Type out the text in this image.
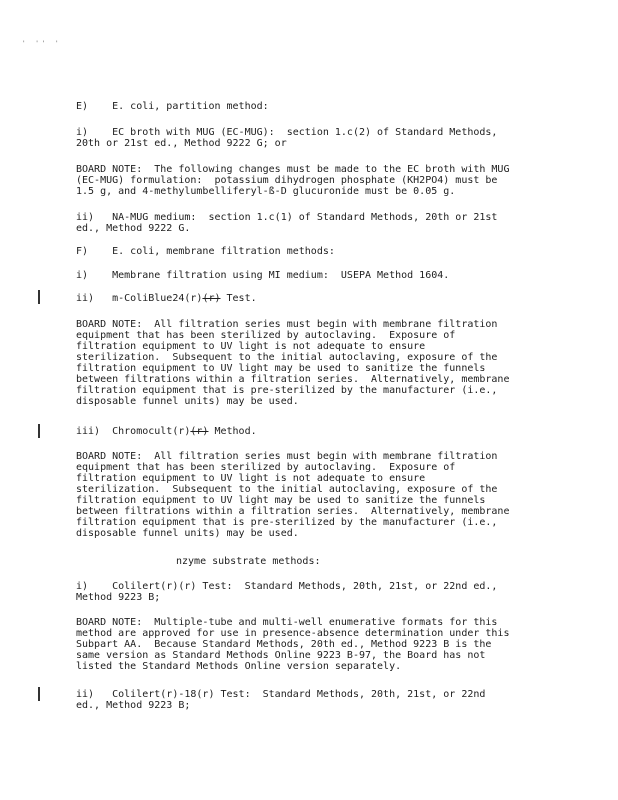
' '' '
E)    E. coli, partition method:
i)    EC broth with MUG (EC-MUG):  section 1.c(2) of Standard Methods,
20th or 21st ed., Method 9222 G; or
BOARD NOTE:  The following changes must be made to the EC broth with MUG
(EC-MUG) formulation:  potassium dihydrogen phosphate (KH2PO4) must be
1.5 g, and 4-methylumbelliferyl-ß-D glucuronide must be 0.05 g.
ii)   NA-MUG medium:  section 1.c(1) of Standard Methods, 20th or 21st
ed., Method 9222 G.
F)    E. coli, membrane filtration methods:
i)    Membrane filtration using MI medium:  USEPA Method 1604.
ii)   m-ColiBlue24(r)(r) Test.
BOARD NOTE:  All filtration series must begin with membrane filtration
equipment that has been sterilized by autoclaving.  Exposure of
filtration equipment to UV light is not adequate to ensure
sterilization.  Subsequent to the initial autoclaving, exposure of the
filtration equipment to UV light may be used to sanitize the funnels
between filtrations within a filtration series.  Alternatively, membrane
filtration equipment that is pre-sterilized by the manufacturer (i.e.,
disposable funnel units) may be used.
iii)  Chromocult(r)(r) Method.
BOARD NOTE:  All filtration series must begin with membrane filtration
equipment that has been sterilized by autoclaving.  Exposure of
filtration equipment to UV light is not adequate to ensure
sterilization.  Subsequent to the initial autoclaving, exposure of the
filtration equipment to UV light may be used to sanitize the funnels
between filtrations within a filtration series.  Alternatively, membrane
filtration equipment that is pre-sterilized by the manufacturer (i.e.,
disposable funnel units) may be used.
nzyme substrate methods:
i)    Colilert(r)(r) Test:  Standard Methods, 20th, 21st, or 22nd ed.,
Method 9223 B;
BOARD NOTE:  Multiple-tube and multi-well enumerative formats for this
method are approved for use in presence-absence determination under this
Subpart AA.  Because Standard Methods, 20th ed., Method 9223 B is the
same version as Standard Methods Online 9223 B-97, the Board has not
listed the Standard Methods Online version separately.
ii)   Colilert(r)-18(r) Test:  Standard Methods, 20th, 21st, or 22nd
ed., Method 9223 B;
